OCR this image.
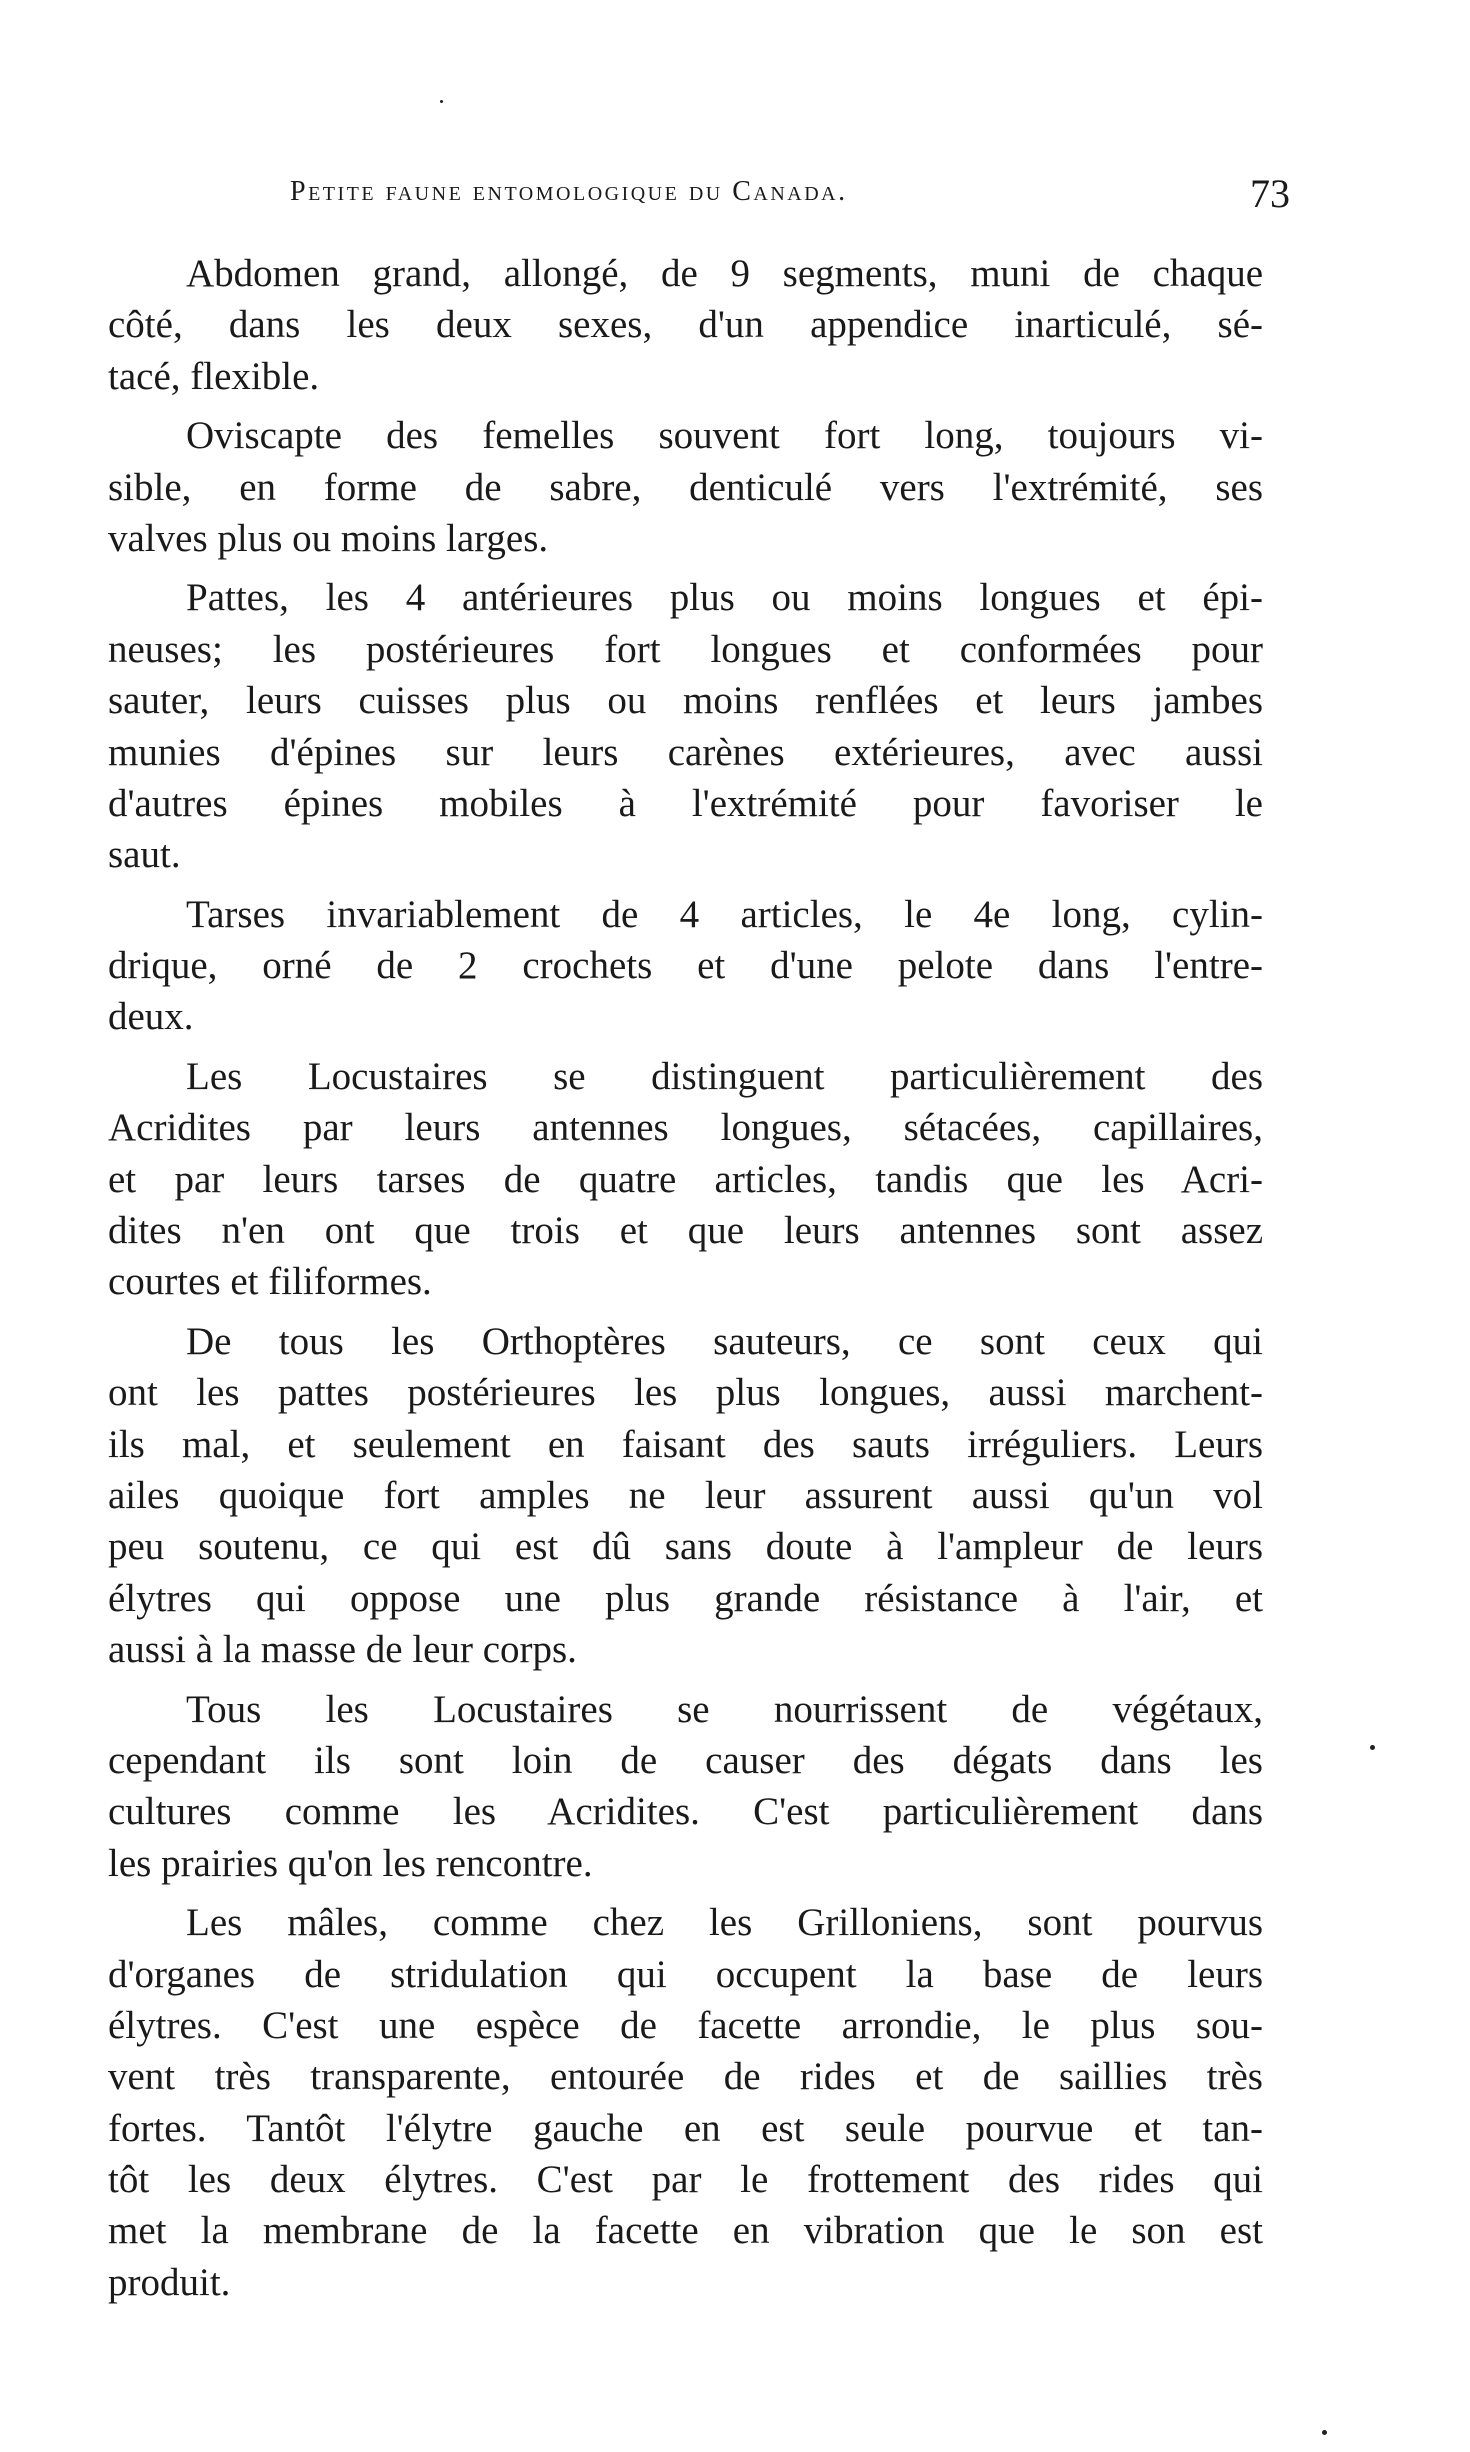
Petite faune entomologique du Canada.	73
Abdomen grand, allongé, de 9 segments, muni de chaque
côté, dans les deux sexes, d'un appendice inarticulé, sé-
tacé, flexible.
Oviscapte des femelles souvent fort long, toujours vi-
sible, en forme de sabre, denticulé vers l'extrémité, ses
valves plus ou moins larges.
Pattes, les 4 antérieures plus ou moins longues et épi-
neuses; les postérieures fort longues et conformées pour
sauter, leurs cuisses plus ou moins renflées et leurs jambes
munies d'épines sur leurs carènes extérieures, avec aussi
d'autres épines mobiles à l'extrémité pour favoriser le
saut.
Tarses invariablement de 4 articles, le 4e long, cylin-
drique, orné de 2 crochets et d'une pelote dans l'entre-
deux.
Les Locustaires se distinguent particulièrement des
Acridites par leurs antennes longues, sétacées, capillaires,
et par leurs tarses de quatre articles, tandis que les Acri-
dites n'en ont que trois et que leurs antennes sont assez
courtes et filiformes.
De tous les Orthoptères sauteurs, ce sont ceux qui
ont les pattes postérieures les plus longues, aussi marchent-
ils mal, et seulement en faisant des sauts irréguliers. Leurs
ailes quoique fort amples ne leur assurent aussi qu'un vol
peu soutenu, ce qui est dû sans doute à l'ampleur de leurs
élytres qui oppose une plus grande résistance à l'air, et
aussi à la masse de leur corps.
Tous les Locustaires se nourrissent de végétaux,
cependant ils sont loin de causer des dégats dans les
cultures comme les Acridites. C'est particulièrement dans
les prairies qu'on les rencontre.
Les mâles, comme chez les Grilloniens, sont pourvus
d'organes de stridulation qui occupent la base de leurs
élytres. C'est une espèce de facette arrondie, le plus sou-
vent très transparente, entourée de rides et de saillies très
fortes. Tantôt l'élytre gauche en est seule pourvue et tan-
tôt les deux élytres. C'est par le frottement des rides qui
met la membrane de la facette en vibration que le son est
produit.
